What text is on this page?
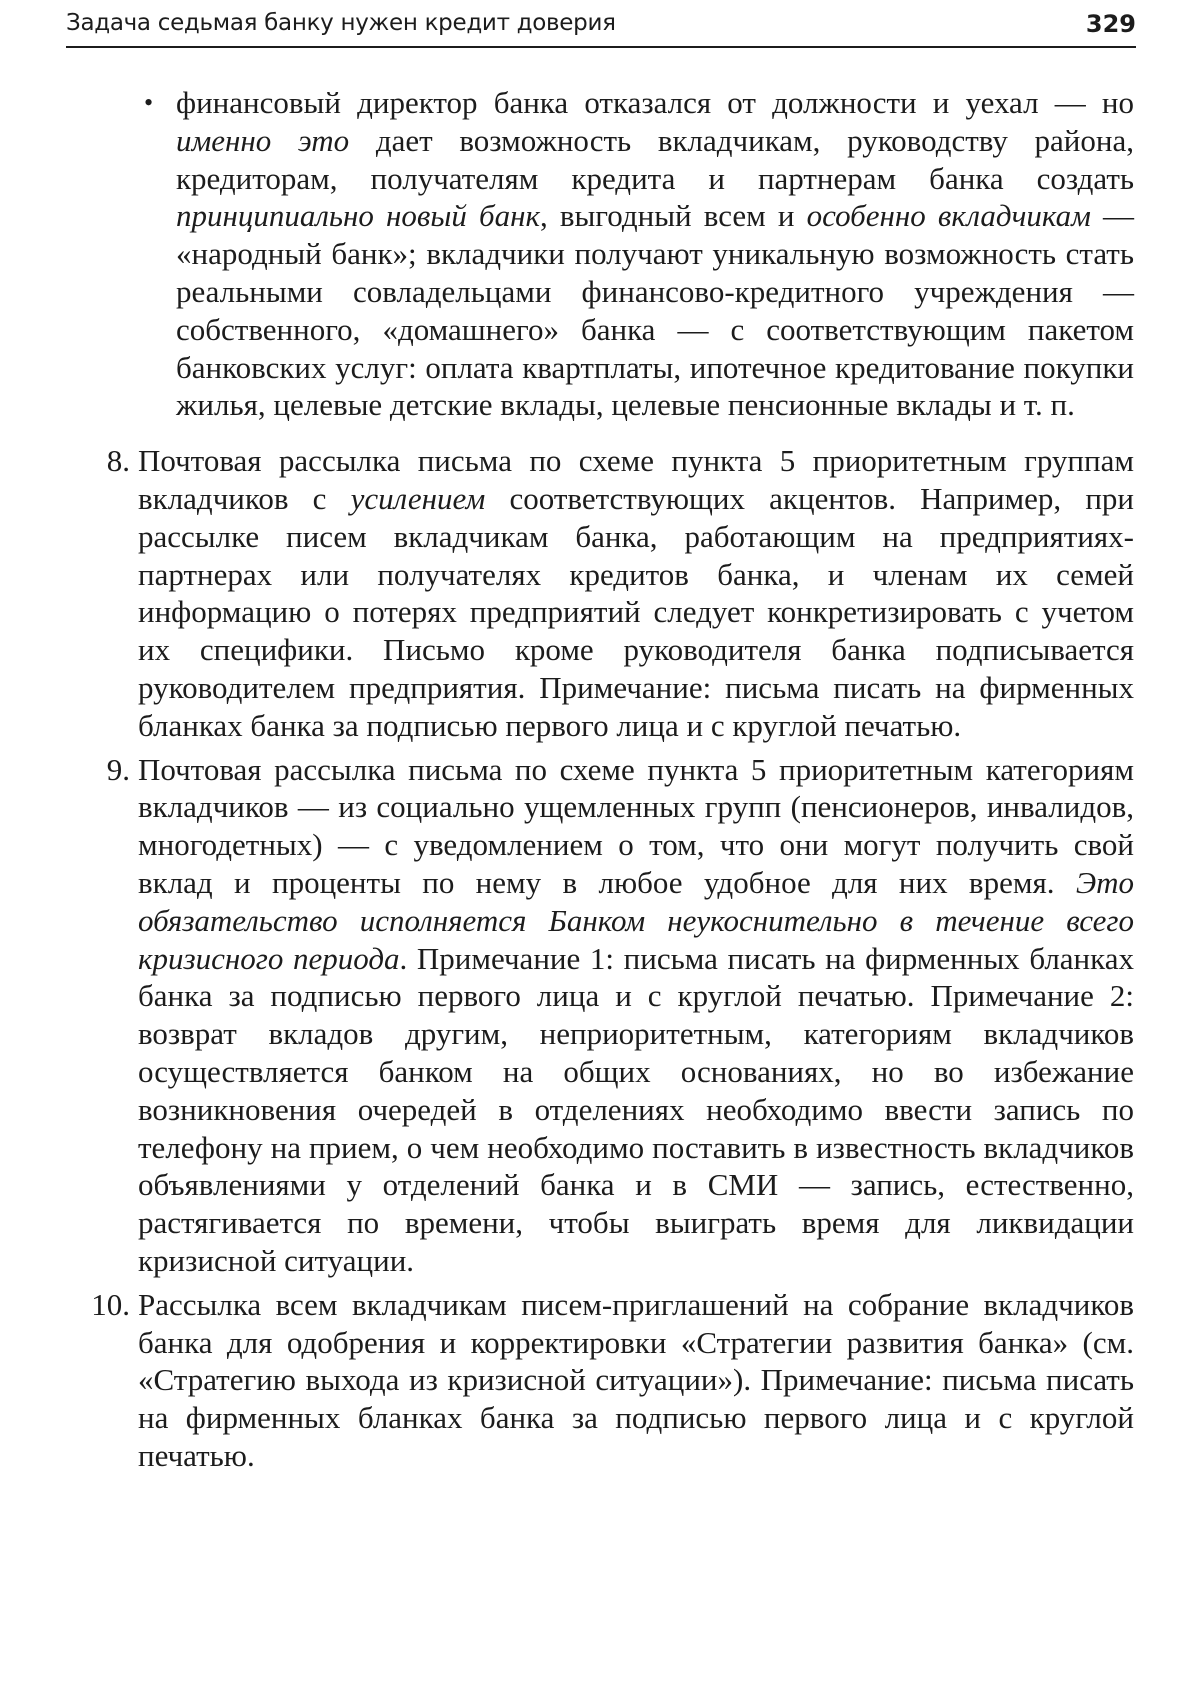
Задача седьмая банку нужен кредит доверия	329

• финансовый директор банка отказался от должности и уехал — но именно это дает возможность вкладчикам, руководству района, кредиторам, получателям кредита и партнерам банка создать принципиально новый банк, выгодный всем и особенно вкладчикам — «народный банк»; вкладчики получают уникальную возможность стать реальными совладельцами финансово-кредитного учреждения — собственного, «домашнего» банка — с соответствующим пакетом банковских услуг: оплата квартплаты, ипотечное кредитование покупки жилья, целевые детские вклады, целевые пенсионные вклады и т. п.

8. Почтовая рассылка письма по схеме пункта 5 приоритетным группам вкладчиков с усилением соответствующих акцентов. Например, при рассылке писем вкладчикам банка, работающим на предприятиях-партнерах или получателях кредитов банка, и членам их семей информацию о потерях предприятий следует конкретизировать с учетом их специфики. Письмо кроме руководителя банка подписывается руководителем предприятия. Примечание: письма писать на фирменных бланках банка за подписью первого лица и с круглой печатью.

9. Почтовая рассылка письма по схеме пункта 5 приоритетным категориям вкладчиков — из социально ущемленных групп (пенсионеров, инвалидов, многодетных) — с уведомлением о том, что они могут получить свой вклад и проценты по нему в любое удобное для них время. Это обязательство исполняется Банком неукоснительно в течение всего кризисного периода. Примечание 1: письма писать на фирменных бланках банка за подписью первого лица и с круглой печатью. Примечание 2: возврат вкладов другим, неприоритетным, категориям вкладчиков осуществляется банком на общих основаниях, но во избежание возникновения очередей в отделениях необходимо ввести запись по телефону на прием, о чем необходимо поставить в известность вкладчиков объявлениями у отделений банка и в СМИ — запись, естественно, растягивается по времени, чтобы выиграть время для ликвидации кризисной ситуации.

10. Рассылка всем вкладчикам писем-приглашений на собрание вкладчиков банка для одобрения и корректировки «Стратегии развития банка» (см. «Стратегию выхода из кризисной ситуации»). Примечание: письма писать на фирменных бланках банка за подписью первого лица и с круглой печатью.
